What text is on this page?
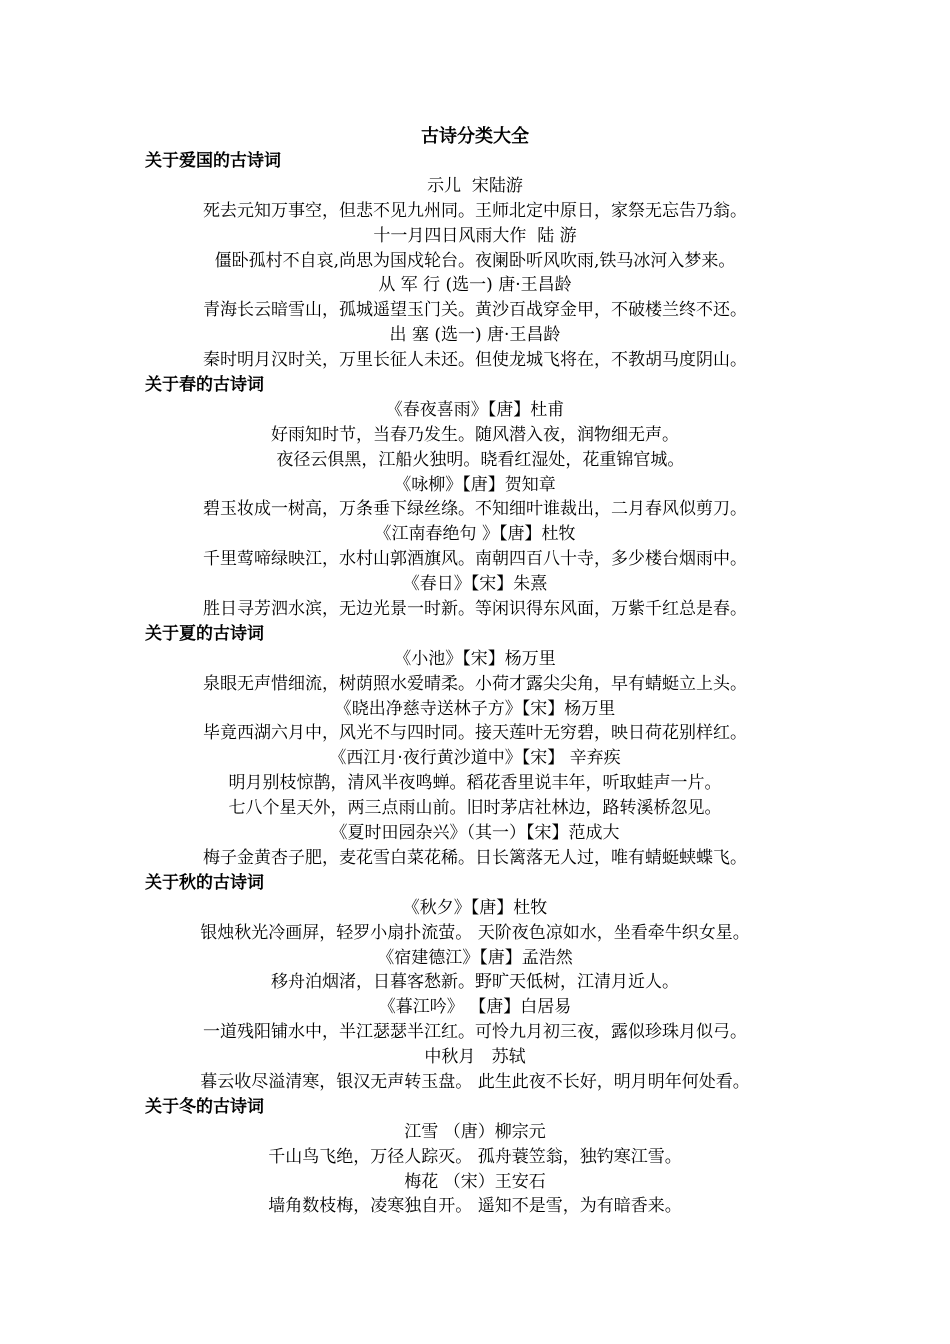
古诗分类大全
关于爱国的古诗词
示儿  宋陆游
死去元知万事空，但悲不见九州同。王师北定中原日，家祭无忘告乃翁。
十一月四日风雨大作  陆 游
僵卧孤村不自哀,尚思为国戍轮台。夜阑卧听风吹雨,铁马冰河入梦来。
从 军 行 (选一) 唐·王昌龄
青海长云暗雪山，孤城遥望玉门关。黄沙百战穿金甲，不破楼兰终不还。
出 塞 (选一) 唐·王昌龄
秦时明月汉时关，万里长征人未还。但使龙城飞将在，不教胡马度阴山。
关于春的古诗词
《春夜喜雨》【唐】杜甫
好雨知时节，当春乃发生。随风潜入夜，润物细无声。
夜径云俱黑，江船火独明。晓看红湿处，花重锦官城。
《咏柳》【唐】贺知章
碧玉妆成一树高，万条垂下绿丝绦。不知细叶谁裁出，二月春风似剪刀。
《江南春绝句 》【唐】杜牧
千里莺啼绿映江，水村山郭酒旗风。南朝四百八十寺，多少楼台烟雨中。
《春日》【宋】朱熹
胜日寻芳泗水滨，无边光景一时新。等闲识得东风面，万紫千红总是春。
关于夏的古诗词
《小池》【宋】杨万里
泉眼无声惜细流，树荫照水爱晴柔。小荷才露尖尖角，早有蜻蜓立上头。
《晓出净慈寺送林子方》【宋】杨万里
毕竟西湖六月中，风光不与四时同。接天莲叶无穷碧，映日荷花别样红。
《西江月·夜行黄沙道中》【宋】 辛弃疾
明月别枝惊鹊，清风半夜鸣蝉。稻花香里说丰年，听取蛙声一片。
七八个星天外，两三点雨山前。旧时茅店社林边，路转溪桥忽见。
《夏时田园杂兴》（其一）【宋】范成大
梅子金黄杏子肥，麦花雪白菜花稀。日长篱落无人过，唯有蜻蜓蛱蝶飞。
关于秋的古诗词
《秋夕》【唐】杜牧
银烛秋光冷画屏，轻罗小扇扑流萤。 天阶夜色凉如水，坐看牵牛织女星。
《宿建德江》【唐】孟浩然
移舟泊烟渚，日暮客愁新。野旷天低树，江清月近人。
《暮江吟》 【唐】白居易
一道残阳铺水中，半江瑟瑟半江红。可怜九月初三夜，露似珍珠月似弓。
中秋月   苏轼
暮云收尽溢清寒，银汉无声转玉盘。 此生此夜不长好，明月明年何处看。
关于冬的古诗词
江雪 （唐）柳宗元
千山鸟飞绝，万径人踪灭。 孤舟蓑笠翁，独钓寒江雪。
梅花 （宋）王安石
墙角数枝梅，凌寒独自开。 遥知不是雪，为有暗香来。
